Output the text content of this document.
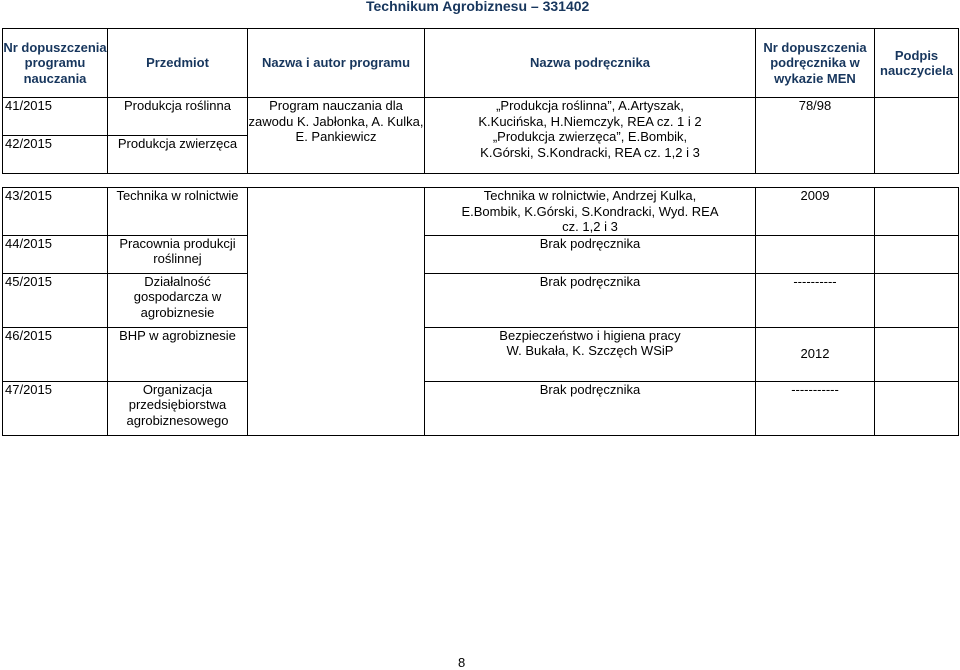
Technikum Agrobiznesu – 331402
Nr dopuszczenia programu nauczania	Przedmiot	Nazwa i autor programu	Nazwa podręcznika	Nr dopuszczenia podręcznika w wykazie MEN	Podpis nauczyciela
41/2015	Produkcja roślinna	Program nauczania dla zawodu K. Jabłonka, A. Kulka, E. Pankiewicz	„Produkcja roślinna”, A.Artyszak, K.Kucińska, H.Niemczyk, REA cz. 1 i 2 „Produkcja zwierzęca”, E.Bombik, K.Górski, S.Kondracki, REA cz. 1,2 i 3	78/98	
42/2015	Produkcja zwierzęca				
43/2015	Technika w rolnictwie		Technika w rolnictwie, Andrzej Kulka, E.Bombik, K.Górski, S.Kondracki, Wyd. REA cz. 1,2 i 3	2009	
44/2015	Pracownia produkcji roślinnej		Brak podręcznika		
45/2015	Działalność gospodarcza w agrobiznesie		Brak podręcznika	----------	
46/2015	BHP w agrobiznesie		Bezpieczeństwo i higiena pracy W. Bukała, K. Szczęch WSiP	2012	
47/2015	Organizacja przedsiębiorstwa agrobiznesowego		Brak podręcznika	-----------	
8
